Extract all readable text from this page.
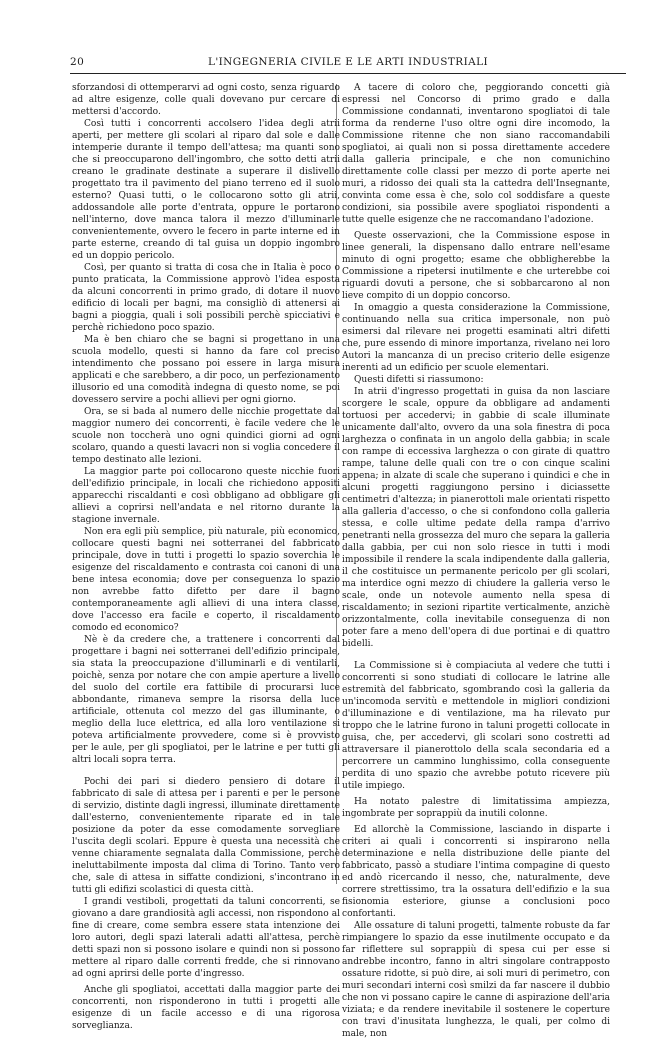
20	L'INGEGNERIA CIVILE E LE ARTI INDUSTRIALI

sforzandosi di ottemperarvi ad ogni costo, senza riguardo ad altre esigenze, colle quali dovevano pur cercare di mettersi d'accordo.

Così tutti i concorrenti accolsero l'idea degli atrii aperti, per mettere gli scolari al riparo dal sole e dalle intemperie durante il tempo dell'attesa; ma quanti sono che si preoccuparono dell'ingombro, che sotto detti atrii creano le gradinate destinate a superare il dislivello progettato tra il pavimento del piano terreno ed il suolo esterno? Quasi tutti, o le collocarono sotto gli atrii, addossandole alle porte d'entrata, oppure le portarono nell'interno, dove manca talora il mezzo d'illuminarle convenientemente, ovvero le fecero in parte interne ed in parte esterne, creando di tal guisa un doppio ingombro ed un doppio pericolo.

Così, per quanto si tratta di cosa che in Italia è poco o punto praticata, la Commissione approvò l'idea esposta da alcuni concorrenti in primo grado, di dotare il nuovo edificio di locali per bagni, ma consigliò di attenersi ai bagni a pioggia, quali i soli possibili perchè spicciativi e perchè richiedono poco spazio.

Ma è ben chiaro che se bagni si progettano in una scuola modello, questi si hanno da fare col preciso intendimento che possano poi essere in larga misura applicati e che sarebbero, a dir poco, un perfezionamento illusorio ed una comodità indegna di questo nome, se poi dovessero servire a pochi allievi per ogni giorno.

Ora, se si bada al numero delle nicchie progettate dal maggior numero dei concorrenti, è facile vedere che le scuole non toccherà uno ogni quindici giorni ad ogni scolaro, quando a questi lavacri non si voglia concedere il tempo destinato alle lezioni.

La maggior parte poi collocarono queste nicchie fuori dell'edifizio principale, in locali che richiedono appositi apparecchi riscaldanti e così obbligano ad obbligare gli allievi a coprirsi nell'andata e nel ritorno durante la stagione invernale.

Non era egli più semplice, più naturale, più economico, collocare questi bagni nei sotterranei del fabbricato principale, dove in tutti i progetti lo spazio soverchia le esigenze del riscaldamento e contrasta coi canoni di una bene intesa economia; dove per conseguenza lo spazio non avrebbe fatto difetto per dare il bagno contemporaneamente agli allievi di una intera classe, dove l'accesso era facile e coperto, il riscaldamento comodo ed economico?

Nè è da credere che, a trattenere i concorrenti dal progettare i bagni nei sotterranei dell'edifizio principale, sia stata la preoccupazione d'illuminarli e di ventilarli, poichè, senza por notare che con ampie aperture a livello del suolo del cortile era fattibile di procurarsi luce abbondante, rimaneva sempre la risorsa della luce artificiale, ottenuta col mezzo del gas illuminante, o meglio della luce elettrica, ed alla loro ventilazione si poteva artificialmente provvedere, come si è provvisto per le aule, per gli spogliatoi, per le latrine e per tutti gli altri locali sopra terra.

Pochi dei pari si diedero pensiero di dotare il fabbricato di sale di attesa per i parenti e per le persone di servizio, distinte dagli ingressi, illuminate direttamente dall'esterno, convenientemente riparate ed in tale posizione da poter da esse comodamente sorvegliare l'uscita degli scolari. Eppure è questa una necessità che venne chiaramente segnalata dalla Commissione, perchè ineluttabilmente imposta dal clima di Torino. Tanto vero che, sale di attesa in siffatte condizioni, s'incontrano in tutti gli edifizi scolastici di questa città.

I grandi vestiboli, progettati da taluni concorrenti, se giovano a dare grandiosità agli accessi, non rispondono al fine di creare, come sembra essere stata intenzione dei loro autori, degli spazi laterali adatti all'attesa, perchè detti spazi non si possono isolare e quindi non si possono mettere al riparo dalle correnti fredde, che si rinnovano ad ogni aprirsi delle porte d'ingresso.

Anche gli spogliatoi, accettati dalla maggior parte dei concorrenti, non risponderono in tutti i progetti alle esigenze di un facile accesso e di una rigorosa sorveglianza.

A tacere di coloro che, peggiorando concetti già espressi nel Concorso di primo grado e dalla Commissione condannati, inventarono spogliatoi di tale forma da renderne l'uso oltre ogni dire incomodo, la Commissione ritenne che non siano raccomandabili spogliatoi, ai quali non si possa direttamente accedere dalla galleria principale, e che non comunichino direttamente colle classi per mezzo di porte aperte nei muri, a ridosso dei quali sta la cattedra dell'Insegnante, convinta come essa è che, solo col soddisfare a queste condizioni, sia possibile avere spogliatoi rispondenti a tutte quelle esigenze che ne raccomandano l'adozione.

Queste osservazioni, che la Commissione espose in linee generali, la dispensano dallo entrare nell'esame minuto di ogni progetto; esame che obbligherebbe la Commissione a ripetersi inutilmente e che urterebbe coi riguardi dovuti a persone, che si sobbarcarono al non lieve compito di un doppio concorso.

In omaggio a questa considerazione la Commissione, continuando nella sua critica impersonale, non può esimersi dal rilevare nei progetti esaminati altri difetti che, pure essendo di minore importanza, rivelano nei loro Autori la mancanza di un preciso criterio delle esigenze inerenti ad un edificio per scuole elementari.

Questi difetti si riassumono:

In atrii d'ingresso progettati in guisa da non lasciare scorgere le scale, oppure da obbligare ad andamenti tortuosi per accedervi; in gabbie di scale illuminate unicamente dall'alto, ovvero da una sola finestra di poca larghezza o confinata in un angolo della gabbia; in scale con rampe di eccessiva larghezza o con girate di quattro rampe, talune delle quali con tre o con cinque scalini appena; in alzate di scale che superano i quindici e che in alcuni progetti raggiungono persino i diciassette centimetri d'altezza; in pianerottoli male orientati rispetto alla galleria d'accesso, o che si confondono colla galleria stessa, e colle ultime pedate della rampa d'arrivo penetranti nella grossezza del muro che separa la galleria dalla gabbia, per cui non solo riesce in tutti i modi impossibile il rendere la scala indipendente dalla galleria, il che costituisce un permanente pericolo per gli scolari, ma interdice ogni mezzo di chiudere la galleria verso le scale, onde un notevole aumento nella spesa di riscaldamento; in sezioni ripartite verticalmente, anzichè orizzontalmente, colla inevitabile conseguenza di non poter fare a meno dell'opera di due portinai e di quattro bidelli.

La Commissione si è compiaciuta al vedere che tutti i concorrenti si sono studiati di collocare le latrine alle estremità del fabbricato, sgombrando così la galleria da un'incomoda servitù e mettendole in migliori condizioni d'illuminazione e di ventilazione, ma ha rilevato pur troppo che le latrine furono in taluni progetti collocate in guisa, che, per accedervi, gli scolari sono costretti ad attraversare il pianerottolo della scala secondaria ed a percorrere un cammino lunghissimo, colla conseguente perdita di uno spazio che avrebbe potuto ricevere più utile impiego.

Ha notato palestre di limitatissima ampiezza, ingombrate per soprappiù da inutili colonne.

Ed allorchè la Commissione, lasciando in disparte i criteri ai quali i concorrenti si inspirarono nella determinazione e nella distribuzione delle piante del fabbricato, passò a studiare l'intima compagine di questo ed andò ricercando il nesso, che, naturalmente, deve correre strettissimo, tra la ossatura dell'edifizio e la sua fisionomia esteriore, giunse a conclusioni poco confortanti.

Alle ossature di taluni progetti, talmente robuste da far rimpiangere lo spazio da esse inutilmente occupato e da far riflettere sul soprappiù di spesa cui per esse si andrebbe incontro, fanno in altri singolare contrapposto ossature ridotte, si può dire, ai soli muri di perimetro, con muri secondari interni così smilzi da far nascere il dubbio che non vi possano capire le canne di aspirazione dell'aria viziata; e da rendere inevitabile il sostenere le coperture con travi d'inusitata lunghezza, le quali, per colmo di male, non
